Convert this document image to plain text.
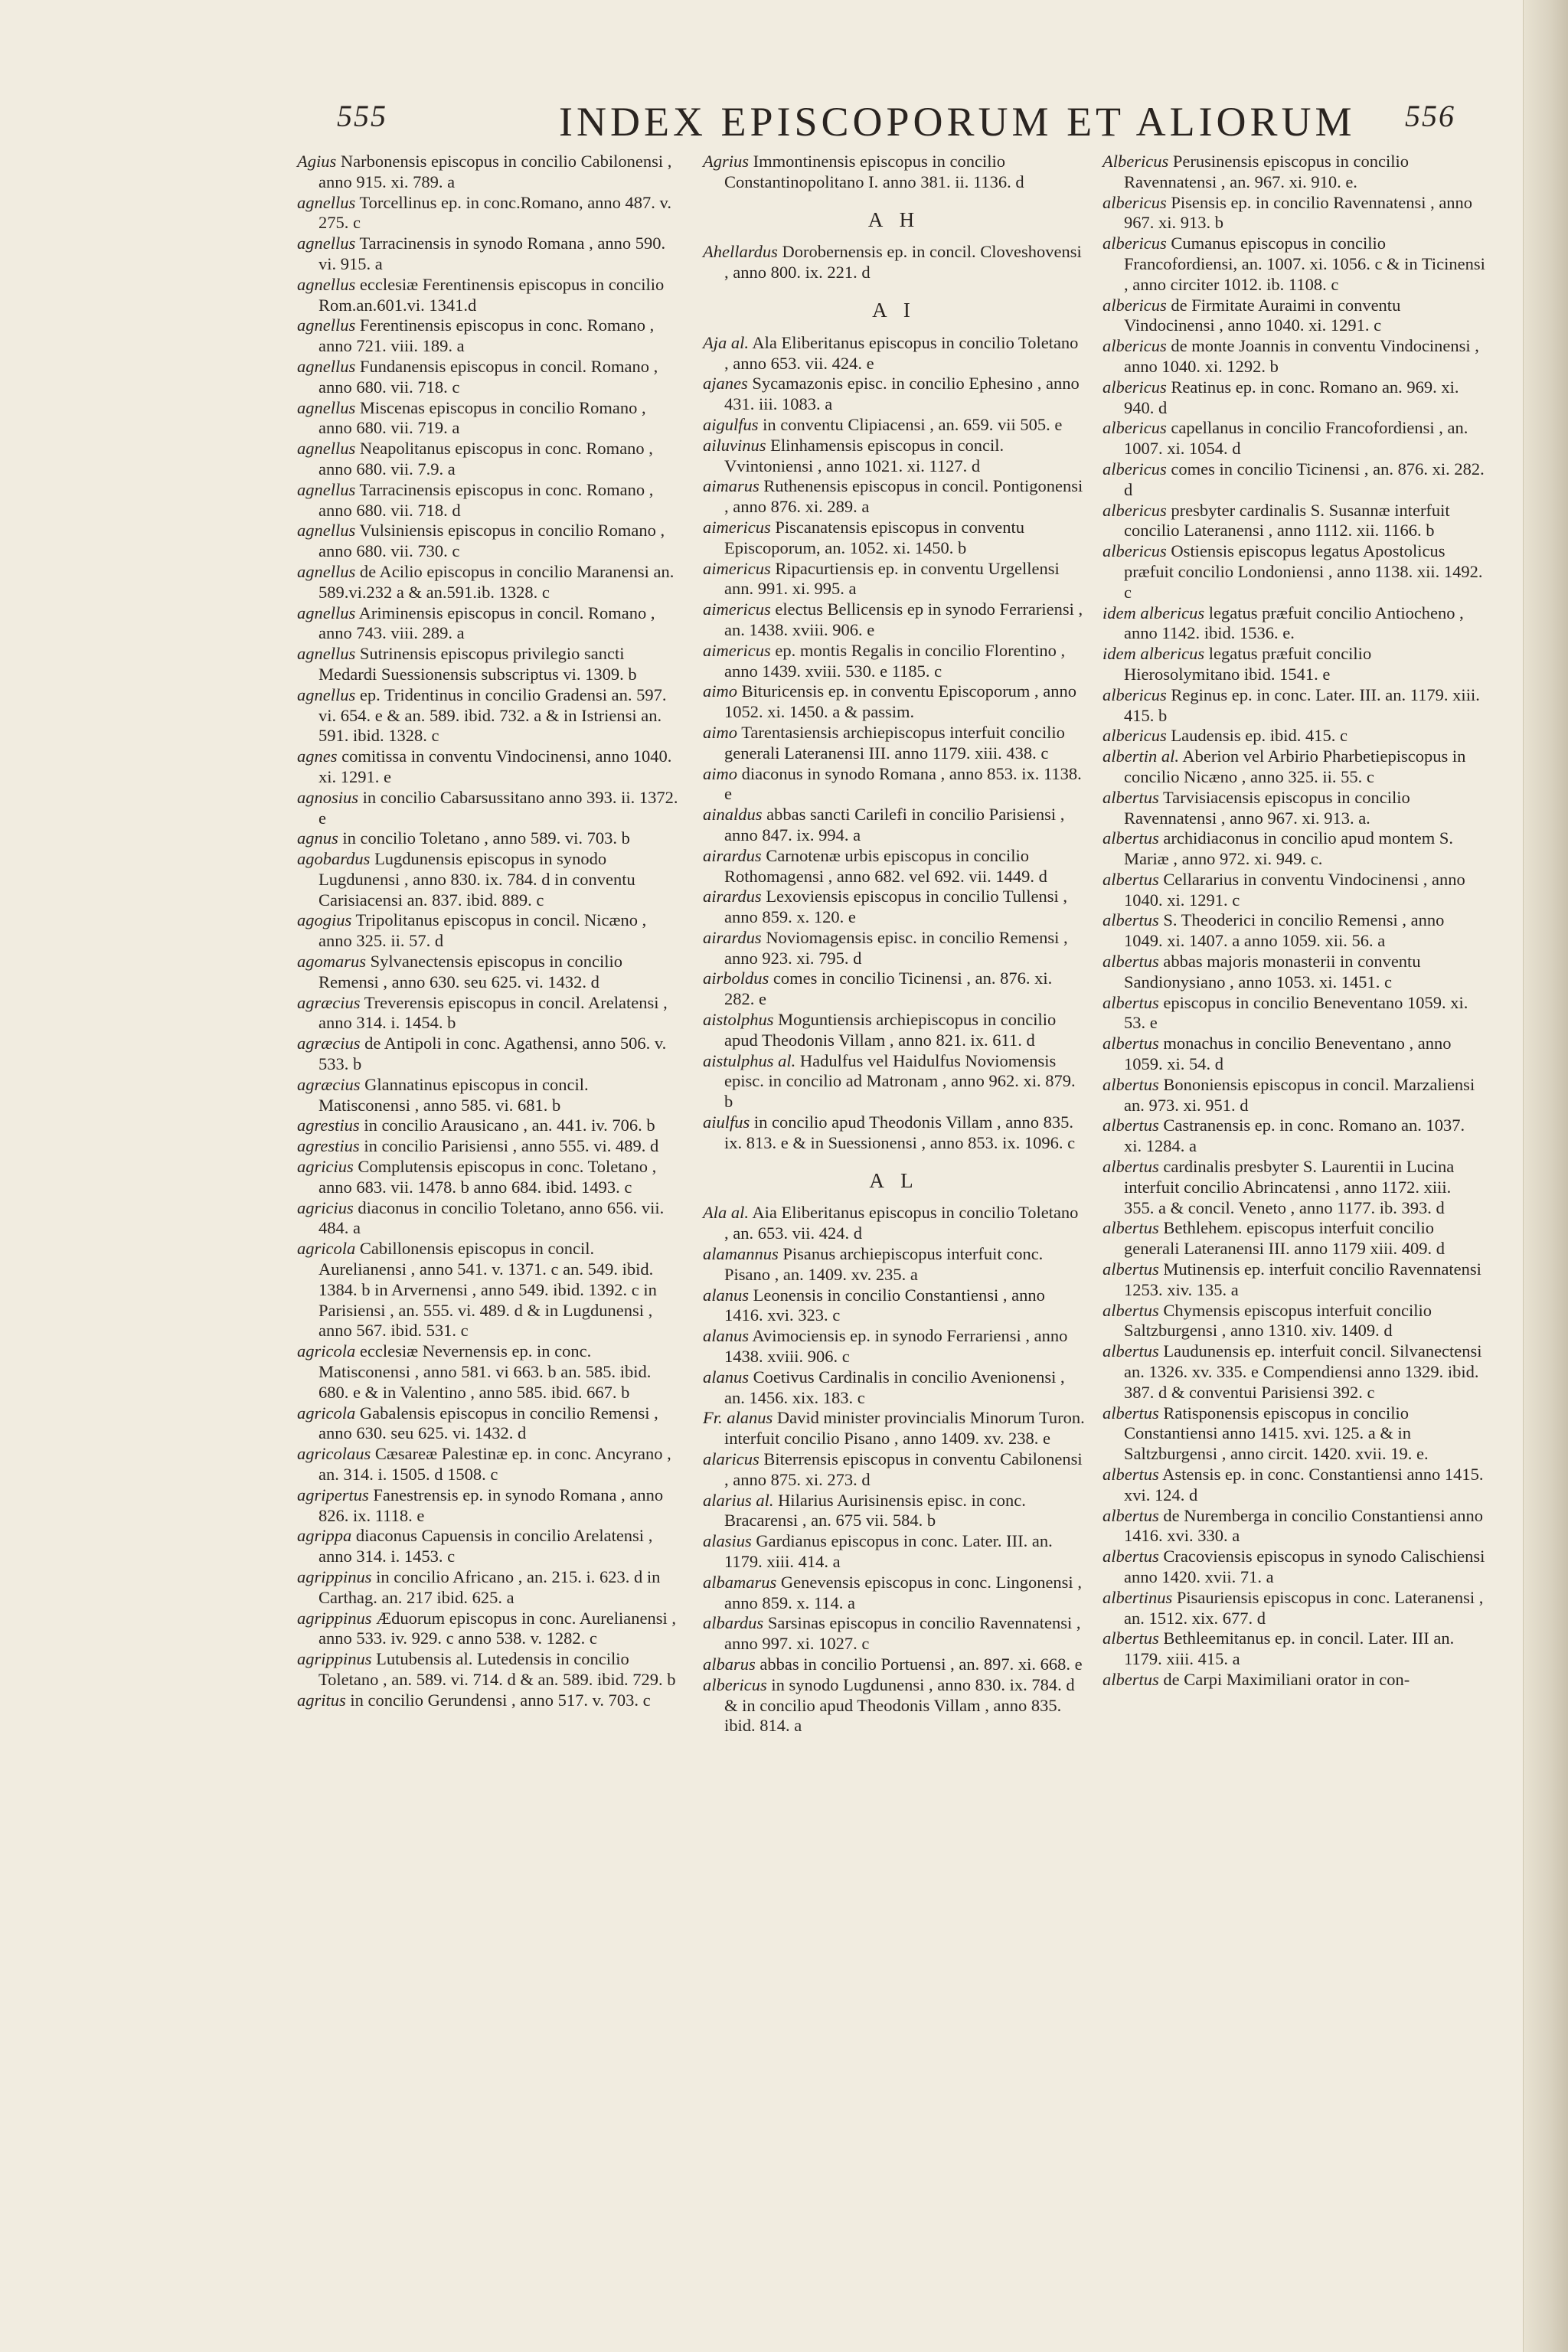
555	INDEX EPISCOPORUM ET ALIORUM 556
Agius Narbonensis episcopus in concilio Cabilonensi , anno 915. xi. 789. a
agnellus Torcellinus ep. in conc.Romano, anno 487. v. 275. c
agnellus Tarracinensis in synodo Romana , anno 590. vi. 915. a
agnellus ecclesiæ Ferentinensis episcopus in concilio Rom.an.601.vi. 1341.d
agnellus Ferentinensis episcopus in conc. Romano , anno 721. viii. 189. a
agnellus Fundanensis episcopus in concil. Romano , anno 680. vii. 718. c
agnellus Miscenas episcopus in concilio Romano , anno 680. vii. 719. a
agnellus Neapolitanus episcopus in conc. Romano , anno 680. vii. 7.9. a
agnellus Tarracinensis episcopus in conc. Romano , anno 680. vii. 718. d
agnellus Vulsiniensis episcopus in concilio Romano , anno 680. vii. 730. c
agnellus de Acilio episcopus in concilio Maranensi an. 589.vi.232 a & an.591.ib. 1328. c
agnellus Ariminensis episcopus in concil. Romano , anno 743. viii. 289. a
agnellus Sutrinensis episcopus privilegio sancti Medardi Suessionensis subscriptus vi. 1309. b
agnellus ep. Tridentinus in concilio Gradensi an. 597. vi. 654. e & an. 589. ibid. 732. a & in Istriensi an. 591. ibid. 1328. c
agnes comitissa in conventu Vindocinensi, anno 1040. xi. 1291. e
agnosius in concilio Cabarsussitano anno 393. ii. 1372. e
agnus in concilio Toletano , anno 589. vi. 703. b
agobardus Lugdunensis episcopus in synodo Lugdunensi , anno 830. ix. 784. d in conventu Carisiacensi an. 837. ibid. 889. c
agogius Tripolitanus episcopus in concil. Nicæno , anno 325. ii. 57. d
agomarus Sylvanectensis episcopus in concilio Remensi , anno 630. seu 625. vi. 1432. d
agræcius Treverensis episcopus in concil. Arelatensi , anno 314. i. 1454. b
agræcius de Antipoli in conc. Agathensi, anno 506. v. 533. b
agræcius Glannatinus episcopus in concil. Matisconensi , anno 585. vi. 681. b
agrestius in concilio Arausicano , an. 441. iv. 706. b
agrestius in concilio Parisiensi , anno 555. vi. 489. d
agricius Complutensis episcopus in conc. Toletano , anno 683. vii. 1478. b anno 684. ibid. 1493. c
agricius diaconus in concilio Toletano, anno 656. vii. 484. a
agricola Cabillonensis episcopus in concil. Aurelianensi , anno 541. v. 1371. c an. 549. ibid. 1384. b in Arvernensi , anno 549. ibid. 1392. c in Parisiensi , an. 555. vi. 489. d & in Lugdunensi , anno 567. ibid. 531. c
agricola ecclesiæ Nevernensis ep. in conc. Matisconensi , anno 581. vi 663. b an. 585. ibid. 680. e & in Valentino , anno 585. ibid. 667. b
agricola Gabalensis episcopus in concilio Remensi , anno 630. seu 625. vi. 1432. d
agricolaus Cæsareæ Palestinæ ep. in conc. Ancyrano , an. 314. i. 1505. d 1508. c
agripertus Fanestrensis ep. in synodo Romana , anno 826. ix. 1118. e
agrippa diaconus Capuensis in concilio Arelatensi , anno 314. i. 1453. c
agrippinus in concilio Africano , an. 215. i. 623. d in Carthag. an. 217 ibid. 625. a
agrippinus Æduorum episcopus in conc. Aurelianensi , anno 533. iv. 929. c anno 538. v. 1282. c
agrippinus Lutubensis al. Lutedensis in concilio Toletano , an. 589. vi. 714. d & an. 589. ibid. 729. b
agritus in concilio Gerundensi , anno 517. v. 703. c
Agrius Immontinensis episcopus in concilio Constantinopolitano I. anno 381. ii. 1136. d
A H
Ahellardus Dorobernensis ep. in concil. Cloveshovensi , anno 800. ix. 221. d
A I
Aja al. Ala Eliberitanus episcopus in concilio Toletano , anno 653. vii. 424. e
ajanes Sycamazonis episc. in concilio Ephesino , anno 431. iii. 1083. a
aigulfus in conventu Clipiacensi , an. 659. vii 505. e
ailuvinus Elinhamensis episcopus in concil. Vvintoniensi , anno 1021. xi. 1127. d
aimarus Ruthenensis episcopus in concil. Pontigonensi , anno 876. xi. 289. a
aimericus Piscanatensis episcopus in conventu Episcoporum, an. 1052. xi. 1450. b
aimericus Ripacurtiensis ep. in conventu Urgellensi ann. 991. xi. 995. a
aimericus electus Bellicensis ep in synodo Ferrariensi , an. 1438. xviii. 906. e
aimericus ep. montis Regalis in concilio Florentino , anno 1439. xviii. 530. e 1185. c
aimo Bituricensis ep. in conventu Episcoporum , anno 1052. xi. 1450. a & passim.
aimo Tarentasiensis archiepiscopus interfuit concilio generali Lateranensi III. anno 1179. xiii. 438. c
aimo diaconus in synodo Romana , anno 853. ix. 1138. e
ainaldus abbas sancti Carilefi in concilio Parisiensi , anno 847. ix. 994. a
airardus Carnotenæ urbis episcopus in concilio Rothomagensi , anno 682. vel 692. vii. 1449. d
airardus Lexoviensis episcopus in concilio Tullensi , anno 859. x. 120. e
airardus Noviomagensis episc. in concilio Remensi , anno 923. xi. 795. d
airboldus comes in concilio Ticinensi , an. 876. xi. 282. e
aistolphus Moguntiensis archiepiscopus in concilio apud Theodonis Villam , anno 821. ix. 611. d
aistulphus al. Hadulfus vel Haidulfus Noviomensis episc. in concilio ad Matronam , anno 962. xi. 879. b
aiulfus in concilio apud Theodonis Villam , anno 835. ix. 813. e & in Suessionensi , anno 853. ix. 1096. c
A L
Ala al. Aia Eliberitanus episcopus in concilio Toletano , an. 653. vii. 424. d
alamannus Pisanus archiepiscopus interfuit conc. Pisano , an. 1409. xv. 235. a
alanus Leonensis in concilio Constantiensi , anno 1416. xvi. 323. c
alanus Avimociensis ep. in synodo Ferrariensi , anno 1438. xviii. 906. c
alanus Coetivus Cardinalis in concilio Avenionensi , an. 1456. xix. 183. c
Fr. alanus David minister provincialis Minorum Turon. interfuit concilio Pisano , anno 1409. xv. 238. e
alaricus Biterrensis episcopus in conventu Cabilonensi , anno 875. xi. 273. d
alarius al. Hilarius Aurisinensis episc. in conc. Bracarensi , an. 675 vii. 584. b
alasius Gardianus episcopus in conc. Later. III. an. 1179. xiii. 414. a
albamarus Genevensis episcopus in conc. Lingonensi , anno 859. x. 114. a
albardus Sarsinas episcopus in concilio Ravennatensi , anno 997. xi. 1027. c
albarus abbas in concilio Portuensi , an. 897. xi. 668. e
albericus in synodo Lugdunensi , anno 830. ix. 784. d & in concilio apud Theodonis Villam , anno 835. ibid. 814. a
Albericus Perusinensis episcopus in concilio Ravennatensi , an. 967. xi. 910. e.
albericus Pisensis ep. in concilio Ravennatensi , anno 967. xi. 913. b
albericus Cumanus episcopus in concilio Francofordiensi, an. 1007. xi. 1056. c & in Ticinensi , anno circiter 1012. ib. 1108. c
albericus de Firmitate Auraimi in conventu Vindocinensi , anno 1040. xi. 1291. c
albericus de monte Joannis in conventu Vindocinensi , anno 1040. xi. 1292. b
albericus Reatinus ep. in conc. Romano an. 969. xi. 940. d
albericus capellanus in concilio Francofordiensi , an. 1007. xi. 1054. d
albericus comes in concilio Ticinensi , an. 876. xi. 282. d
albericus presbyter cardinalis S. Susannæ interfuit concilio Lateranensi , anno 1112. xii. 1166. b
albericus Ostiensis episcopus legatus Apostolicus præfuit concilio Londoniensi , anno 1138. xii. 1492. c
idem albericus legatus præfuit concilio Antiocheno , anno 1142. ibid. 1536. e.
idem albericus legatus præfuit concilio Hierosolymitano ibid. 1541. e
albericus Reginus ep. in conc. Later. III. an. 1179. xiii. 415. b
albericus Laudensis ep. ibid. 415. c
albertin al. Aberion vel Arbirio Pharbetiepiscopus in concilio Nicæno , anno 325. ii. 55. c
albertus Tarvisiacensis episcopus in concilio Ravennatensi , anno 967. xi. 913. a.
albertus archidiaconus in concilio apud montem S. Mariæ , anno 972. xi. 949. c.
albertus Cellararius in conventu Vindocinensi , anno 1040. xi. 1291. c
albertus S. Theoderici in concilio Remensi , anno 1049. xi. 1407. a anno 1059. xii. 56. a
albertus abbas majoris monasterii in conventu Sandionysiano , anno 1053. xi. 1451. c
albertus episcopus in concilio Beneventano 1059. xi. 53. e
albertus monachus in concilio Beneventano , anno 1059. xi. 54. d
albertus Bononiensis episcopus in concil. Marzaliensi an. 973. xi. 951. d
albertus Castranensis ep. in conc. Romano an. 1037. xi. 1284. a
albertus cardinalis presbyter S. Laurentii in Lucina interfuit concilio Abrincatensi , anno 1172. xiii. 355. a & concil. Veneto , anno 1177. ib. 393. d
albertus Bethlehem. episcopus interfuit concilio generali Lateranensi III. anno 1179 xiii. 409. d
albertus Mutinensis ep. interfuit concilio Ravennatensi 1253. xiv. 135. a
albertus Chymensis episcopus interfuit concilio Saltzburgensi , anno 1310. xiv. 1409. d
albertus Laudunensis ep. interfuit concil. Silvanectensi an. 1326. xv. 335. e Compendiensi anno 1329. ibid. 387. d & conventui Parisiensi 392. c
albertus Ratisponensis episcopus in concilio Constantiensi anno 1415. xvi. 125. a & in Saltzburgensi , anno circit. 1420. xvii. 19. e.
albertus Astensis ep. in conc. Constantiensi anno 1415. xvi. 124. d
albertus de Nuremberga in concilio Constantiensi anno 1416. xvi. 330. a
albertus Cracoviensis episcopus in synodo Calischiensi anno 1420. xvii. 71. a
albertinus Pisauriensis episcopus in conc. Lateranensi , an. 1512. xix. 677. d
albertus Bethleemitanus ep. in concil. Later. III an. 1179. xiii. 415. a
albertus de Carpi Maximiliani orator in con-
